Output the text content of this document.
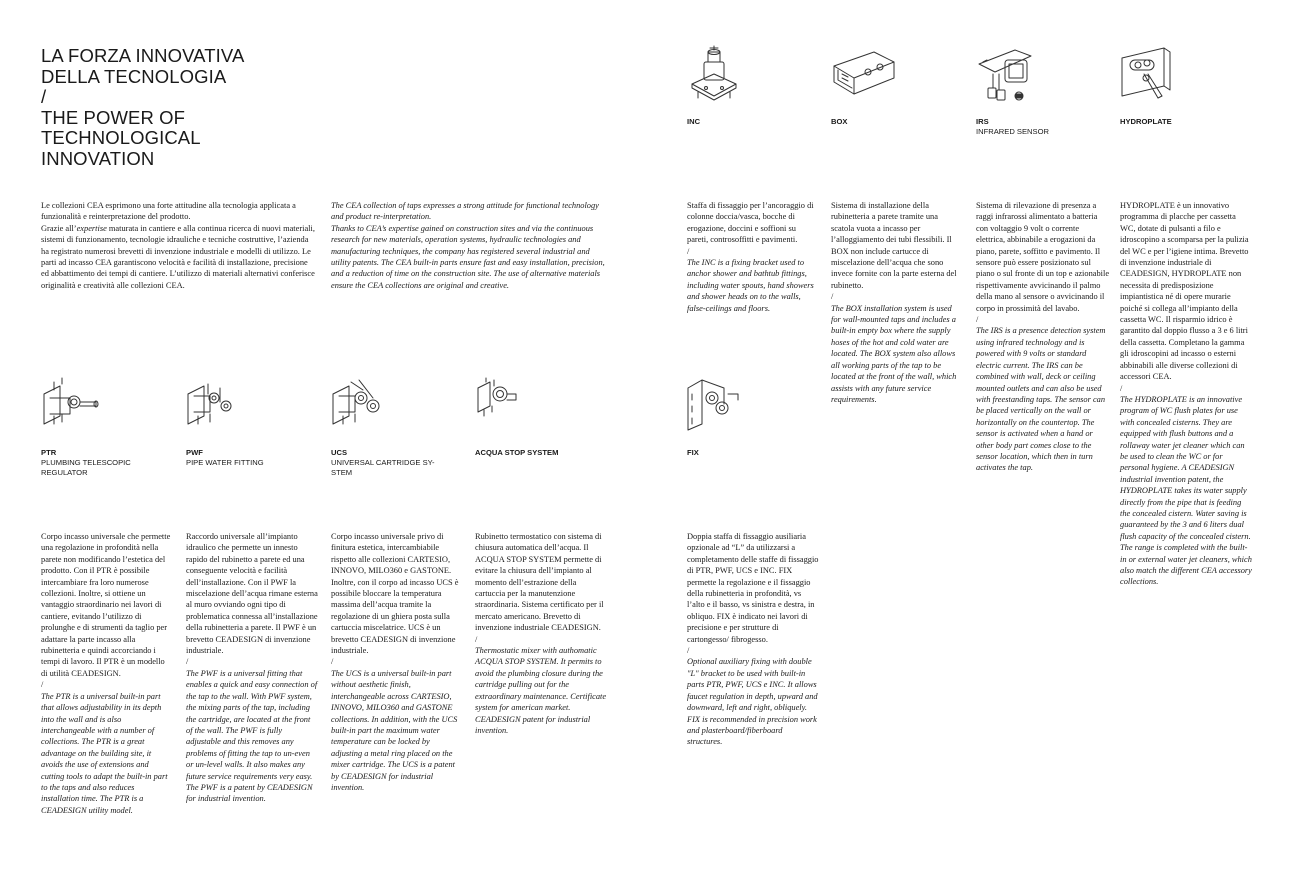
LA FORZA INNOVATIVA
DELLA TECNOLOGIA
/
THE POWER OF
TECHNOLOGICAL
INNOVATION

Le collezioni CEA esprimono una forte attitudine alla tecnologia applicata a funzionalità e reinterpretazione del prodotto.

Grazie all’expertise maturata in cantiere e alla continua ricerca di nuovi materiali, sistemi di funzionamento, tecnologie idrauliche e tecniche costruttive, l’azienda ha registrato numerosi brevetti di invenzione industriale e modelli di utilizzo. Le parti ad incasso CEA garantiscono velocità e facilità di installazione, precisione ed abbattimento dei tempi di cantiere. L’utilizzo di materiali alternativi conferisce originalità e creatività alle collezioni CEA.

The CEA collection of taps expresses a strong attitude for functional technology and product re-interpretation.

Thanks to CEA’s expertise gained on construction sites and via the continuous research for new materials, operation systems, hydraulic technologies and manufacturing techniques, the company has registered several industrial and utility patents. The CEA built-in parts ensure fast and easy installation, precision, and a reduction of time on the construction site. The use of alternative materials ensure the CEA collections are original and creative.

INC

Staffa di fissaggio per l’ancoraggio di colonne doccia/vasca, bocche di erogazione, doccini e soffioni su pareti, controsoffitti e pavimenti.

/

The INC is a fixing bracket used to anchor shower and bathtub fittings, including water spouts, hand showers and shower heads on to the walls, false-ceilings and floors.

BOX

Sistema di installazione della rubinetteria a parete tramite una scatola vuota a incasso per l’alloggiamento dei tubi flessibili. Il BOX non include cartucce di miscelazione dell’acqua che sono invece fornite con la parte esterna del rubinetto.

/

The BOX installation system is used for wall-mounted taps and includes a built-in empty box where the supply hoses of the hot and cold water are located. The BOX system also allows all working parts of the tap to be located at the front of the wall, which assists with any future service requirements.

IRS
INFRARED SENSOR

Sistema di rilevazione di presenza a raggi infrarossi alimentato a batteria con voltaggio 9 volt o corrente elettrica, abbinabile a erogazioni da piano, parete, soffitto e pavimento. Il sensore può essere posizionato sul piano o sul fronte di un top e azionabile rispettivamente avvicinando il palmo della mano al sensore o avvicinando il corpo in prossimità del lavabo.

/

The IRS is a presence detection system using infrared technology and is powered with 9 volts or standard electric current. The IRS can be combined with wall, deck or ceiling mounted outlets and can also be used with freestanding taps. The sensor can be placed vertically on the wall or horizontally on the countertop. The sensor is activated when a hand or other body part comes close to the sensor location, which then in turn activates the tap.

HYDROPLATE

HYDROPLATE è un innovativo programma di placche per cassetta WC, dotate di pulsanti a filo e idroscopino a scomparsa per la pulizia del WC e per l’igiene intima. Brevetto di invenzione industriale di CEADESIGN, HYDROPLATE non necessita di predisposizione impiantistica né di opere murarie poiché si collega all’impianto della cassetta WC. Il risparmio idrico è garantito dal doppio flusso a 3 e 6 litri della cassetta. Completano la gamma gli idroscopini ad incasso o esterni abbinabili alle diverse collezioni di accessori CEA.

/

The HYDROPLATE is an innovative program of WC flush plates for use with concealed cisterns. They are equipped with flush buttons and a rollaway water jet cleaner which can be used to clean the WC or for personal hygiene. A CEADESIGN industrial invention patent, the HYDROPLATE takes its water supply directly from the pipe that is feeding the concealed cistern. Water saving is guaranteed by the 3 and 6 liters dual flush capacity of the concealed cistern. The range is completed with the built-in or external water jet cleaners, which also match the different CEA accessory collections.

PTR
PLUMBING TELESCOPIC REGULATOR

Corpo incasso universale che permette una regolazione in profondità nella parete non modificando l’estetica del prodotto. Con il PTR è possibile intercambiare fra loro numerose collezioni. Inoltre, si ottiene un vantaggio straordinario nei lavori di cantiere, evitando l’utilizzo di prolunghe e di strumenti da taglio per adattare la parte incasso alla rubinetteria e quindi accorciando i tempi di lavoro. Il PTR è un modello di utilità CEADESIGN.

/

The PTR is a universal built-in part that allows adjustability in its depth into the wall and is also interchangeable with a number of collections. The PTR is a great advantage on the building site, it avoids the use of extensions and cutting tools to adapt the built-in part to the taps and also reduces installation time. The PTR is a CEADESIGN utility model.

PWF
PIPE WATER FITTING

Raccordo universale all’impianto idraulico che permette un innesto rapido del rubinetto a parete ed una conseguente velocità e facilità dell’installazione. Con il PWF la miscelazione dell’acqua rimane esterna al muro ovviando ogni tipo di problematica connessa all’installazione della rubinetteria a parete. Il PWF è un brevetto CEADESIGN di invenzione industriale.

/

The PWF is a universal fitting that enables a quick and easy connection of the tap to the wall. With PWF system, the mixing parts of the tap, including the cartridge, are located at the front of the wall. The PWF is fully adjustable and this removes any problems of fitting the tap to un-even or un-level walls. It also makes any future service requirements very easy. The PWF is a patent by CEADESIGN for industrial invention.

UCS
UNIVERSAL CARTRIDGE SY-STEM

Corpo incasso universale privo di finitura estetica, intercambiabile rispetto alle collezioni CARTESIO, INNOVO, MILO360 e GASTONE. Inoltre, con il corpo ad incasso UCS è possibile bloccare la temperatura massima dell’acqua tramite la regolazione di un ghiera posta sulla cartuccia miscelatrice. UCS è un brevetto CEADESIGN di invenzione industriale.

/

The UCS is a universal built-in part without aesthetic finish, interchangeable across CARTESIO, INNOVO, MILO360 and GASTONE collections. In addition, with the UCS built-in part the maximum water temperature can be locked by adjusting a metal ring placed on the mixer cartridge. The UCS is a patent by CEADESIGN for industrial invention.

ACQUA STOP SYSTEM

Rubinetto termostatico con sistema di chiusura automatica dell’acqua. Il ACQUA STOP SYSTEM permette di evitare la chiusura dell’impianto al momento dell’estrazione della cartuccia per la manutenzione straordinaria. Sistema certificato per il mercato americano. Brevetto di invenzione industriale CEADESIGN.

/

Thermostatic mixer with authomatic ACQUA STOP SYSTEM. It permits to avoid the plumbing closure during the cartridge pulling out for the extraordinary maintenance. Certificate system for american market. CEADESIGN patent for industrial invention.

FIX

Doppia staffa di fissaggio ausiliaria opzionale ad “L” da utilizzarsi a completamento delle staffe di fissaggio di PTR, PWF, UCS e INC. FIX permette la regolazione e il fissaggio della rubinetteria in profondità, vs l’alto e il basso, vs sinistra e destra, in obliquo. FIX è indicato nei lavori di precisione e per strutture di cartongesso/ fibrogesso.

/

Optional auxiliary fixing with double "L" bracket to be used with built-in parts PTR, PWF, UCS e INC. It allows faucet regulation in depth, upward and downward, left and right, obliquely. FIX is recommended in precision work and plasterboard/fiberboard structures.
